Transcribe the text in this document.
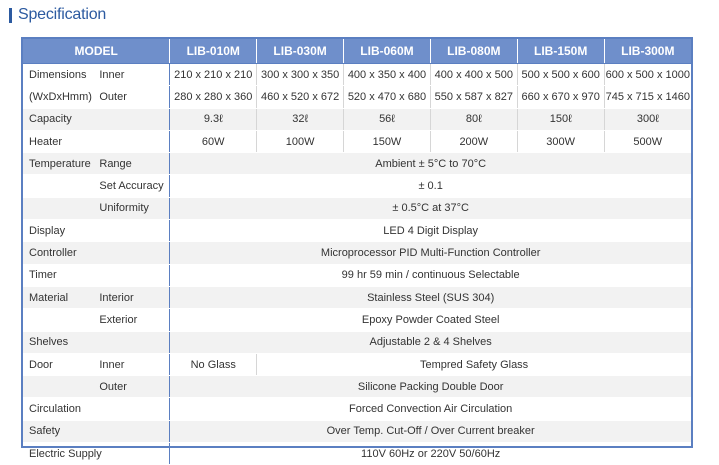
Specification
MODEL		LIB-010M	LIB-030M	LIB-060M	LIB-080M	LIB-150M	LIB-300M
Dimensions	Inner	210 x 210 x 210	300 x 300 x 350	400 x 350 x 400	400 x 400 x 500	500 x 500 x 600	600 x 500 x 1000
(WxDxHmm)	Outer	280 x 280 x 360	460 x 520 x 672	520 x 470 x 680	550 x 587 x 827	660 x 670 x 970	745 x 715 x 1460
Capacity		9.3ℓ	32ℓ	56ℓ	80ℓ	150ℓ	300ℓ
Heater		60W	100W	150W	200W	300W	500W
Temperature	Range	Ambient ± 5°C to 70°C					
	Set Accuracy	± 0.1					
	Uniformity	± 0.5°C at 37°C					
Display		LED 4 Digit Display					
Controller		Microprocessor PID Multi-Function Controller					
Timer		99 hr 59 min / continuous Selectable					
Material	Interior	Stainless Steel (SUS 304)					
	Exterior	Epoxy Powder Coated Steel					
Shelves		Adjustable 2 & 4 Shelves					
Door	Inner	No Glass	Tempred Safety Glass				
	Outer	Silicone Packing Double Door					
Circulation		Forced Convection Air Circulation					
Safety		Over Temp. Cut-Off / Over Current breaker					
Electric Supply		110V 60Hz or 220V 50/60Hz					
